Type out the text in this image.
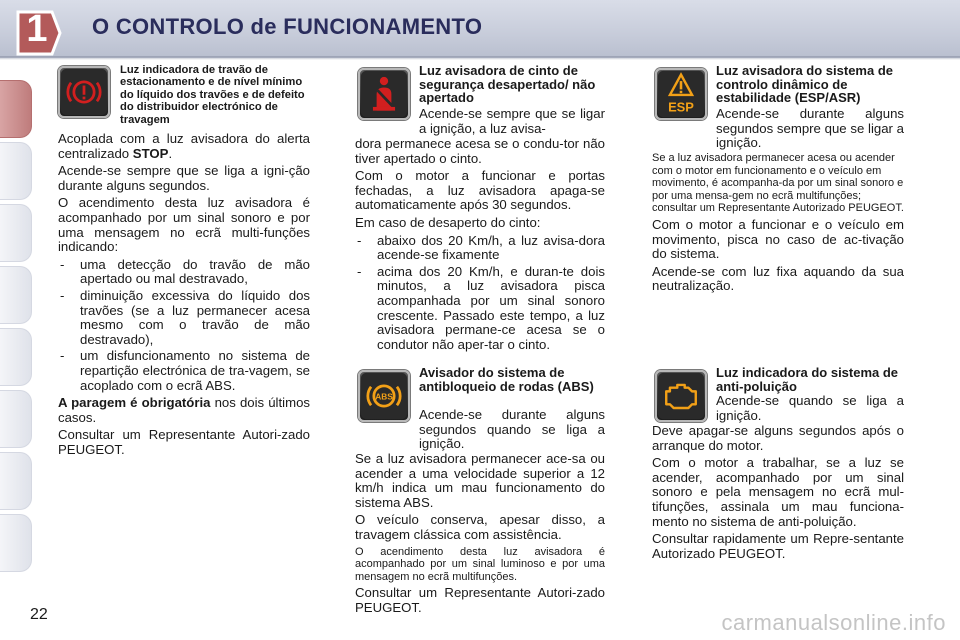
1	O CONTROLO de FUNCIONAMENTO
Luz indicadora de travão de estacionamento e de nível mínimo do líquido dos travões e de defeito do distribuidor electrónico de travagem

Acoplada com a luz avisadora do alerta centralizado STOP.

Acende-se sempre que se liga a igni-ção durante alguns segundos.

O acendimento desta luz avisadora é acompanhado por um sinal sonoro e por uma mensagem no ecrã multi-funções indicando:

- uma detecção do travão de mão apertado ou mal destravado,
- diminuição excessiva do líquido dos travões (se a luz permanecer acesa mesmo com o travão de mão destravado),
- um disfuncionamento no sistema de repartição electrónica de tra-vagem, se acoplado com o ecrã ABS.

A paragem é obrigatória nos dois últimos casos.

Consultar um Representante Autori-zado PEUGEOT.

Luz avisadora de cinto de segurança desapertado/ não apertado
Acende-se sempre que se ligar a ignição, a luz avisa-

dora permanece acesa se o condu-tor não tiver apertado o cinto.

Com o motor a funcionar e portas fechadas, a luz avisadora apaga-se automaticamente após 30 segundos.

Em caso de desaperto do cinto:

- abaixo dos 20 Km/h, a luz avisa-dora acende-se fixamente
- acima dos 20 Km/h, e duran-te dois minutos, a luz avisadora pisca acompanhada por um sinal sonoro crescente. Passado este tempo, a luz avisadora permane-ce acesa se o condutor não aper-tar o cinto.
ABS
Avisador do sistema de antibloqueio de rodas (ABS)
Acende-se durante alguns segundos quando se liga a ignição.

Se a luz avisadora permanecer ace-sa ou acender a uma velocidade superior a 12 km/h indica um mau funcionamento do sistema ABS.

O veículo conserva, apesar disso, a travagem clássica com assistência.

O acendimento desta luz avisadora é acompanhado por um sinal luminoso e por uma mensagem no ecrã multifunções.

Consultar um Representante Autori-zado PEUGEOT.

ESP
Luz avisadora do sistema de controlo dinâmico de estabilidade (ESP/ASR)
Acende-se durante alguns segundos sempre que se ligar a ignição.

Se a luz avisadora permanecer acesa ou acender com o motor em funcionamento e o veículo em movimento, é acompanha-da por um sinal sonoro e por uma mensa-gem no ecrã multifunções; consultar um Representante Autorizado PEUGEOT.

Com o motor a funcionar e o veículo em movimento, pisca no caso de ac-tivação do sistema.

Acende-se com luz fixa aquando da sua neutralização.

Luz indicadora do sistema de anti-poluição
Acende-se quando se liga a ignição.

Deve apagar-se alguns segundos após o arranque do motor.

Com o motor a trabalhar, se a luz se acender, acompanhado por um sinal sonoro e pela mensagem no ecrã mul-tifunções, assinala um mau funciona-mento no sistema de anti-poluição.

Consultar rapidamente um Repre-sentante Autorizado PEUGEOT.

22	carmanualsonline.info
